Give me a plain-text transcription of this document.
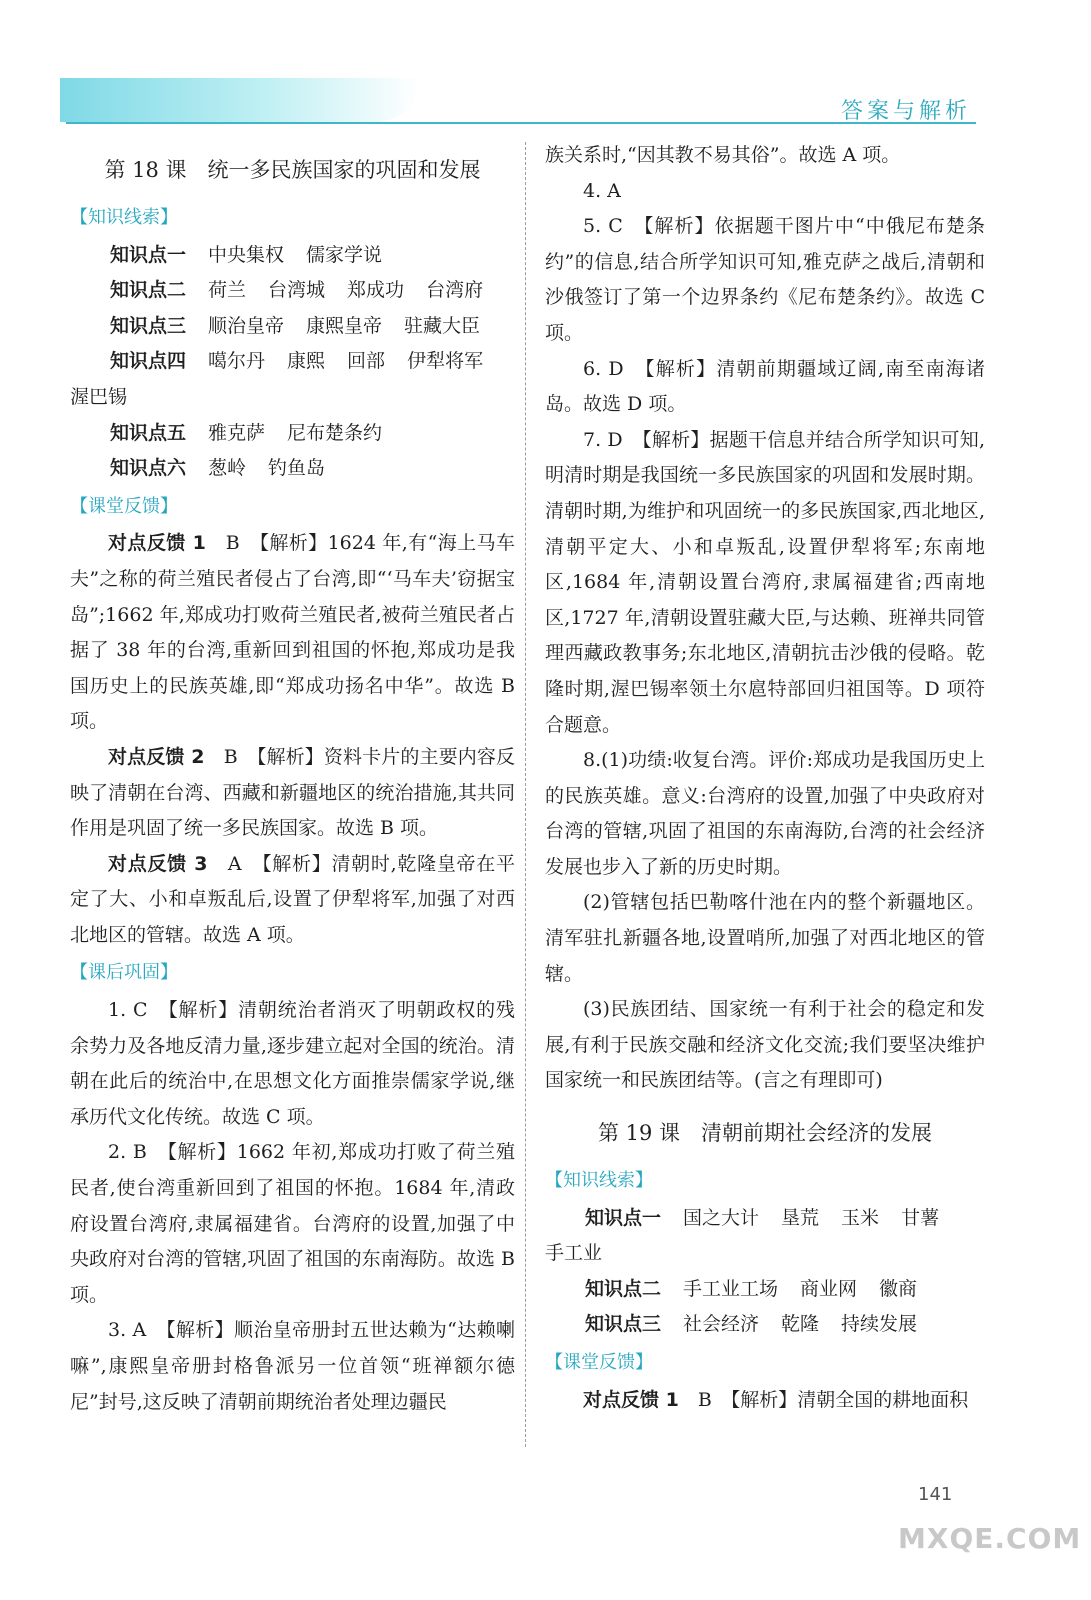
答案与解析
第 18 课　统一多民族国家的巩固和发展
【知识线索】

知识点一 中央集权 儒家学说

知识点二 荷兰 台湾城 郑成功 台湾府

知识点三 顺治皇帝 康熙皇帝 驻藏大臣

知识点四 噶尔丹 康熙 回部 伊犁将军

渥巴锡

知识点五 雅克萨 尼布楚条约

知识点六 葱岭 钓鱼岛

【课堂反馈】

对点反馈 1　B　【解析】1624 年,有“海上马车夫”之称的荷兰殖民者侵占了台湾,即“‘马车夫’窃据宝岛”;1662 年,郑成功打败荷兰殖民者,被荷兰殖民者占据了 38 年的台湾,重新回到祖国的怀抱,郑成功是我国历史上的民族英雄,即“郑成功扬名中华”。故选 B 项。

对点反馈 2　B　【解析】资料卡片的主要内容反映了清朝在台湾、西藏和新疆地区的统治措施,其共同作用是巩固了统一多民族国家。故选 B 项。

对点反馈 3　A　【解析】清朝时,乾隆皇帝在平定了大、小和卓叛乱后,设置了伊犁将军,加强了对西北地区的管辖。故选 A 项。

【课后巩固】

1. C　【解析】清朝统治者消灭了明朝政权的残余势力及各地反清力量,逐步建立起对全国的统治。清朝在此后的统治中,在思想文化方面推崇儒家学说,继承历代文化传统。故选 C 项。

2. B　【解析】1662 年初,郑成功打败了荷兰殖民者,使台湾重新回到了祖国的怀抱。1684 年,清政府设置台湾府,隶属福建省。台湾府的设置,加强了中央政府对台湾的管辖,巩固了祖国的东南海防。故选 B 项。

3. A　【解析】顺治皇帝册封五世达赖为“达赖喇嘛”,康熙皇帝册封格鲁派另一位首领“班禅额尔德尼”封号,这反映了清朝前期统治者处理边疆民

族关系时,“因其教不易其俗”。故选 A 项。

4. A

5. C　【解析】依据题干图片中“中俄尼布楚条约”的信息,结合所学知识可知,雅克萨之战后,清朝和沙俄签订了第一个边界条约《尼布楚条约》。故选 C 项。

6. D　【解析】清朝前期疆域辽阔,南至南海诸岛。故选 D 项。

7. D　【解析】据题干信息并结合所学知识可知,明清时期是我国统一多民族国家的巩固和发展时期。清朝时期,为维护和巩固统一的多民族国家,西北地区,清朝平定大、小和卓叛乱,设置伊犁将军;东南地区,1684 年,清朝设置台湾府,隶属福建省;西南地区,1727 年,清朝设置驻藏大臣,与达赖、班禅共同管理西藏政教事务;东北地区,清朝抗击沙俄的侵略。乾隆时期,渥巴锡率领土尔扈特部回归祖国等。D 项符合题意。

8.(1)功绩:收复台湾。评价:郑成功是我国历史上的民族英雄。意义:台湾府的设置,加强了中央政府对台湾的管辖,巩固了祖国的东南海防,台湾的社会经济发展也步入了新的历史时期。

(2)管辖包括巴勒喀什池在内的整个新疆地区。清军驻扎新疆各地,设置哨所,加强了对西北地区的管辖。

(3)民族团结、国家统一有利于社会的稳定和发展,有利于民族交融和经济文化交流;我们要坚决维护国家统一和民族团结等。(言之有理即可)

第 19 课　清朝前期社会经济的发展
【知识线索】

知识点一 国之大计 垦荒 玉米 甘薯

手工业

知识点二 手工业工场 商业网 徽商

知识点三 社会经济 乾隆 持续发展

【课堂反馈】

对点反馈 1　B　【解析】清朝全国的耕地面积

141
MXQE.COM
